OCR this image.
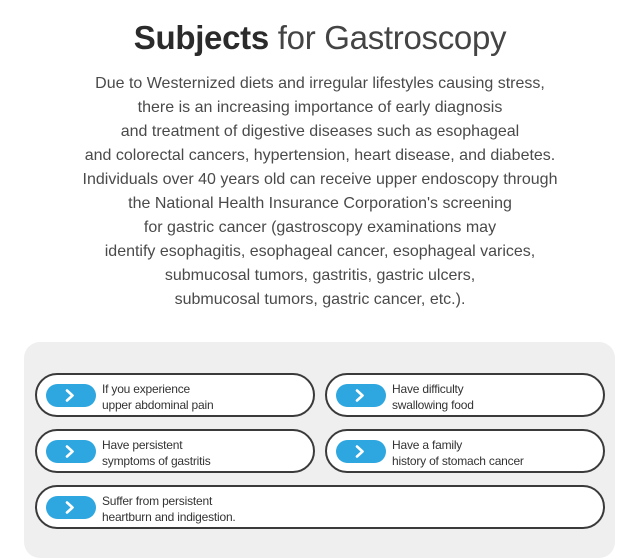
Subjects for Gastroscopy
Due to Westernized diets and irregular lifestyles causing stress,
there is an increasing importance of early diagnosis
and treatment of digestive diseases such as esophageal
and colorectal cancers, hypertension, heart disease, and diabetes.
Individuals over 40 years old can receive upper endoscopy through
the National Health Insurance Corporation's screening
for gastric cancer (gastroscopy examinations may
identify esophagitis, esophageal cancer, esophageal varices,
submucosal tumors, gastritis, gastric ulcers,
submucosal tumors, gastric cancer, etc.).
If you experience
upper abdominal pain
Have difficulty
swallowing food
Have persistent
symptoms of gastritis
Have a family
history of stomach cancer
Suffer from persistent
heartburn and indigestion.
